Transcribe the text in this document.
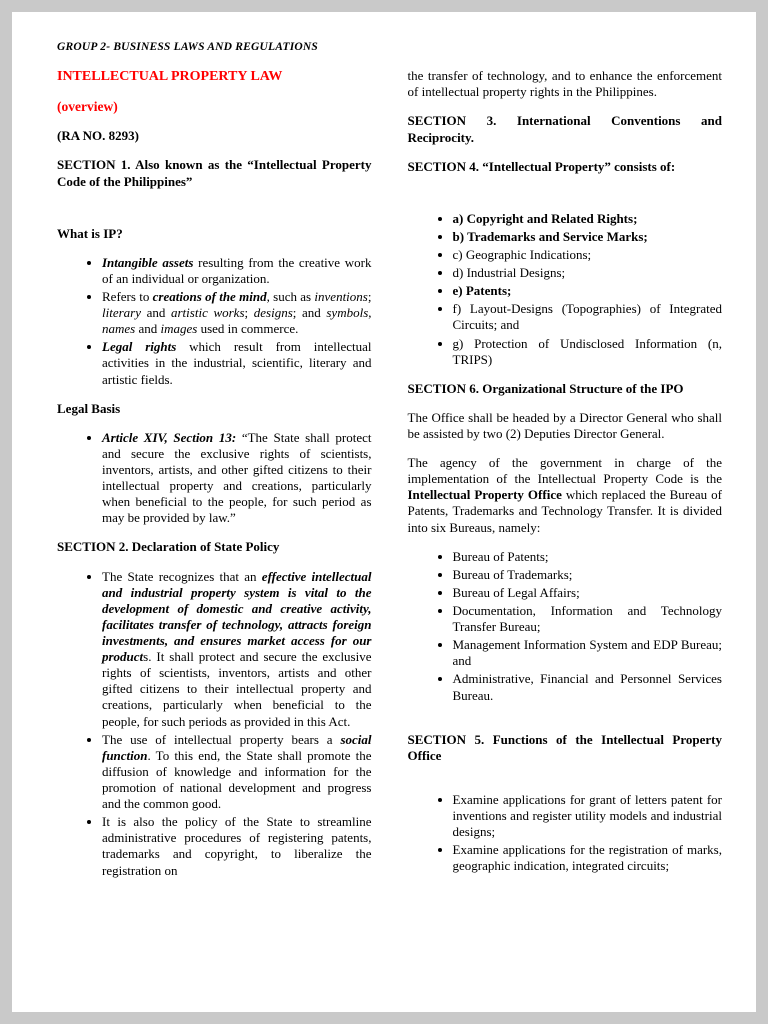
GROUP 2- BUSINESS LAWS AND REGULATIONS
INTELLECTUAL PROPERTY LAW
(overview)

(RA NO. 8293)

SECTION 1. Also known as the “Intellectual Property Code of the Philippines”

What is IP?

• Intangible assets resulting from the creative work of an individual or organization.
• Refers to creations of the mind, such as inventions; literary and artistic works; designs; and symbols, names and images used in commerce.
• Legal rights which result from intellectual activities in the industrial, scientific, literary and artistic fields.

Legal Basis

• Article XIV, Section 13: “The State shall protect and secure the exclusive rights of scientists, inventors, artists, and other gifted citizens to their intellectual property and creations, particularly when beneficial to the people, for such period as may be provided by law.”

SECTION 2. Declaration of State Policy

• The State recognizes that an effective intellectual and industrial property system is vital to the development of domestic and creative activity, facilitates transfer of technology, attracts foreign investments, and ensures market access for our products. It shall protect and secure the exclusive rights of scientists, inventors, artists and other gifted citizens to their intellectual property and creations, particularly when beneficial to the people, for such periods as provided in this Act.
• The use of intellectual property bears a social function. To this end, the State shall promote the diffusion of knowledge and information for the promotion of national development and progress and the common good.
• It is also the policy of the State to streamline administrative procedures of registering patents, trademarks and copyright, to liberalize the registration on

the transfer of technology, and to enhance the enforcement of intellectual property rights in the Philippines.

SECTION 3. International Conventions and Reciprocity.

SECTION 4. “Intellectual Property” consists of:

• a) Copyright and Related Rights;
• b) Trademarks and Service Marks;
• c) Geographic Indications;
• d) Industrial Designs;
• e) Patents;
• f) Layout-Designs (Topographies) of Integrated Circuits; and
• g) Protection of Undisclosed Information (n, TRIPS)

SECTION 6. Organizational Structure of the IPO

The Office shall be headed by a Director General who shall be assisted by two (2) Deputies Director General.

The agency of the government in charge of the implementation of the Intellectual Property Code is the Intellectual Property Office which replaced the Bureau of Patents, Trademarks and Technology Transfer. It is divided into six Bureaus, namely:

• Bureau of Patents;
• Bureau of Trademarks;
• Bureau of Legal Affairs;
• Documentation, Information and Technology Transfer Bureau;
• Management Information System and EDP Bureau; and
• Administrative, Financial and Personnel Services Bureau.

SECTION 5. Functions of the Intellectual Property Office

• Examine applications for grant of letters patent for inventions and register utility models and industrial designs;
• Examine applications for the registration of marks, geographic indication, integrated circuits;
